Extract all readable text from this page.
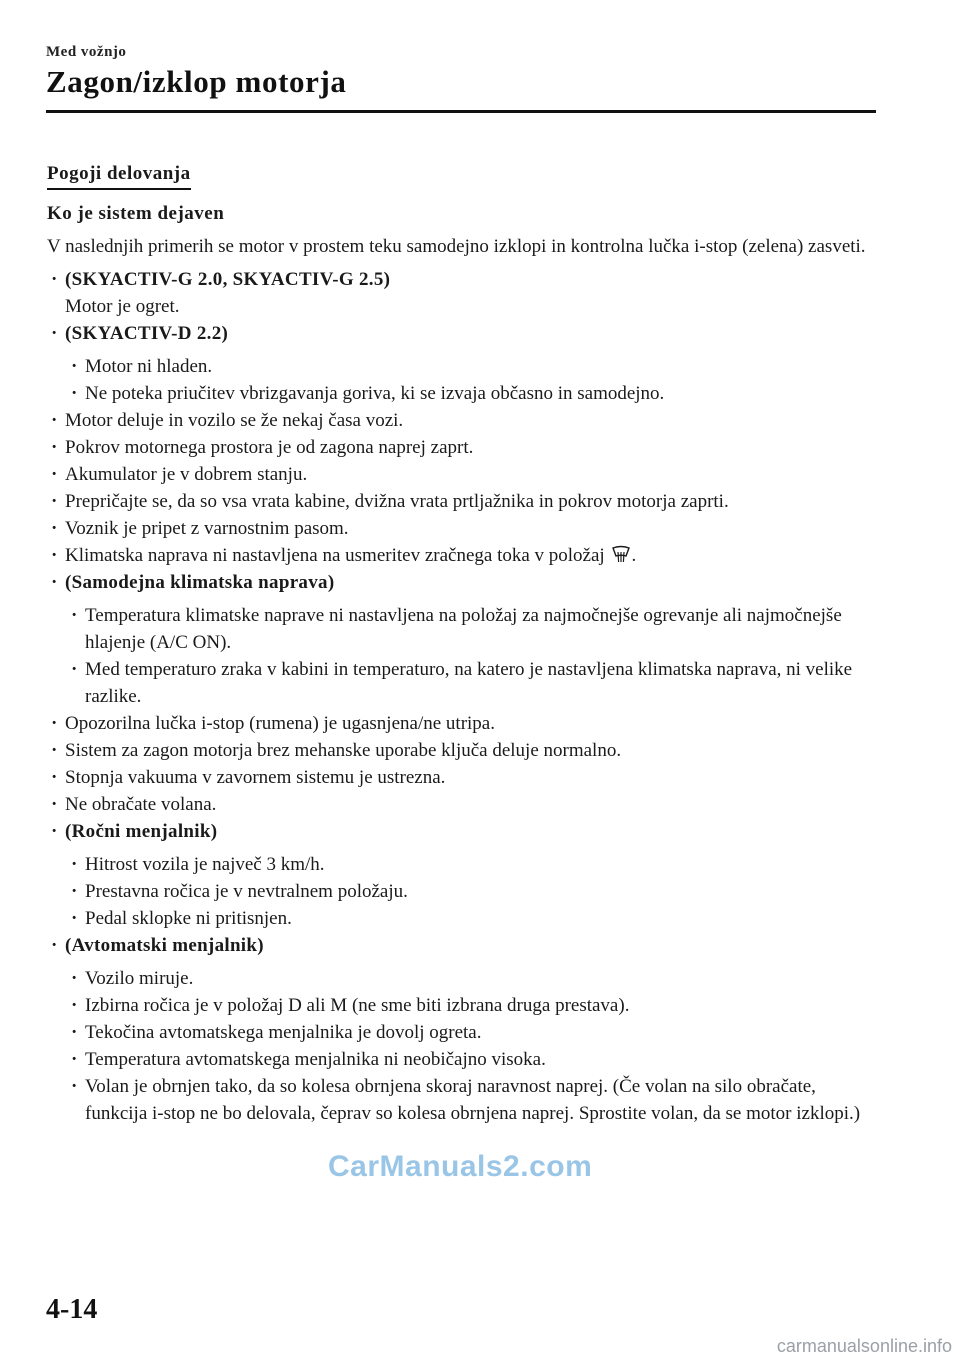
Med vožnjo
Zagon/izklop motorja
Pogoji delovanja
Ko je sistem dejaven

V naslednjih primerih se motor v prostem teku samodejno izklopi in kontrolna lučka i-stop (zelena) zasveti.

· (SKYACTIV-G 2.0, SKYACTIV-G 2.5)
Motor je ogret.
· (SKYACTIV-D 2.2)
· Motor ni hladen.
· Ne poteka priučitev vbrizgavanja goriva, ki se izvaja občasno in samodejno.
· Motor deluje in vozilo se že nekaj časa vozi.
· Pokrov motornega prostora je od zagona naprej zaprt.
· Akumulator je v dobrem stanju.
· Prepričajte se, da so vsa vrata kabine, dvižna vrata prtljažnika in pokrov motorja zaprti.
· Voznik je pripet z varnostnim pasom.
· Klimatska naprava ni nastavljena na usmeritev zračnega toka v položaj .
· (Samodejna klimatska naprava)
· Temperatura klimatske naprave ni nastavljena na položaj za najmočnejše ogrevanje ali najmočnejše hlajenje (A/C ON).
· Med temperaturo zraka v kabini in temperaturo, na katero je nastavljena klimatska naprava, ni velike razlike.
· Opozorilna lučka i-stop (rumena) je ugasnjena/ne utripa.
· Sistem za zagon motorja brez mehanske uporabe ključa deluje normalno.
· Stopnja vakuuma v zavornem sistemu je ustrezna.
· Ne obračate volana.
· (Ročni menjalnik)
· Hitrost vozila je največ 3 km/h.
· Prestavna ročica je v nevtralnem položaju.
· Pedal sklopke ni pritisnjen.
· (Avtomatski menjalnik)
· Vozilo miruje.
· Izbirna ročica je v položaj D ali M (ne sme biti izbrana druga prestava).
· Tekočina avtomatskega menjalnika je dovolj ogreta.
· Temperatura avtomatskega menjalnika ni neobičajno visoka.
· Volan je obrnjen tako, da so kolesa obrnjena skoraj naravnost naprej. (Če volan na silo obračate, funkcija i-stop ne bo delovala, čeprav so kolesa obrnjena naprej. Sprostite volan, da se motor izklopi.)
CarManuals2.com
4-14
carmanualsonline.info
